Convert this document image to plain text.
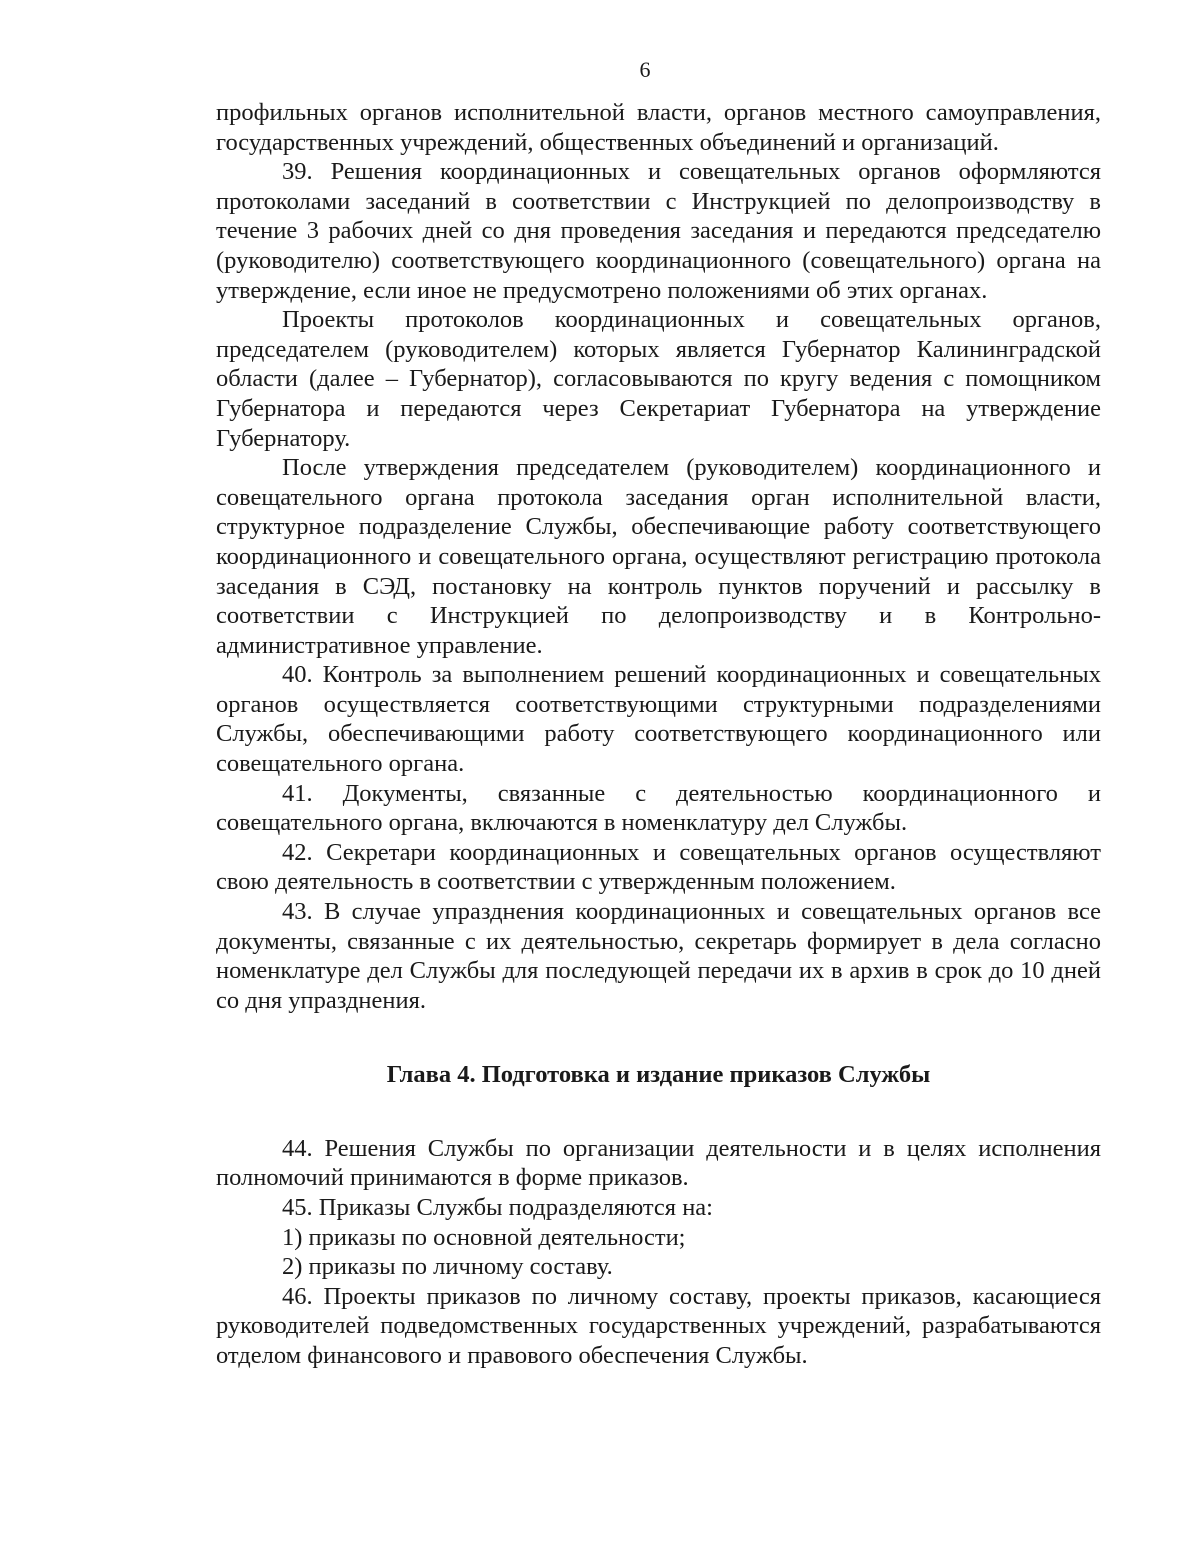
6

профильных органов исполнительной власти, органов местного самоуправления, государственных учреждений, общественных объединений и организаций.

39. Решения координационных и совещательных органов оформляются протоколами заседаний в соответствии с Инструкцией по делопроизводству в течение 3 рабочих дней со дня проведения заседания и передаются председателю (руководителю) соответствующего координационного (совещательного) органа на утверждение, если иное не предусмотрено положениями об этих органах.

Проекты протоколов координационных и совещательных органов, председателем (руководителем) которых является Губернатор Калининградской области (далее – Губернатор), согласовываются по кругу ведения с помощником Губернатора и передаются через Секретариат Губернатора на утверждение Губернатору.

После утверждения председателем (руководителем) координационного и совещательного органа протокола заседания орган исполнительной власти, структурное подразделение Службы, обеспечивающие работу соответствующего координационного и совещательного органа, осуществляют регистрацию протокола заседания в СЭД, постановку на контроль пунктов поручений и рассылку в соответствии с Инструкцией по делопроизводству и в Контрольно-административное управление.

40. Контроль за выполнением решений координационных и совещательных органов осуществляется соответствующими структурными подразделениями Службы, обеспечивающими работу соответствующего координационного или совещательного органа.

41. Документы, связанные с деятельностью координационного и совещательного органа, включаются в номенклатуру дел Службы.

42. Секретари координационных и совещательных органов осуществляют свою деятельность в соответствии с утвержденным положением.

43. В случае упразднения координационных и совещательных органов все документы, связанные с их деятельностью, секретарь формирует в дела согласно номенклатуре дел Службы для последующей передачи их в архив в срок до 10 дней со дня упразднения.

Глава 4. Подготовка и издание приказов Службы

44. Решения Службы по организации деятельности и в целях исполнения полномочий принимаются в форме приказов.

45. Приказы Службы подразделяются на:

1) приказы по основной деятельности;

2) приказы по личному составу.

46. Проекты приказов по личному составу, проекты приказов, касающиеся руководителей подведомственных государственных учреждений, разрабатываются отделом финансового и правового обеспечения Службы.
